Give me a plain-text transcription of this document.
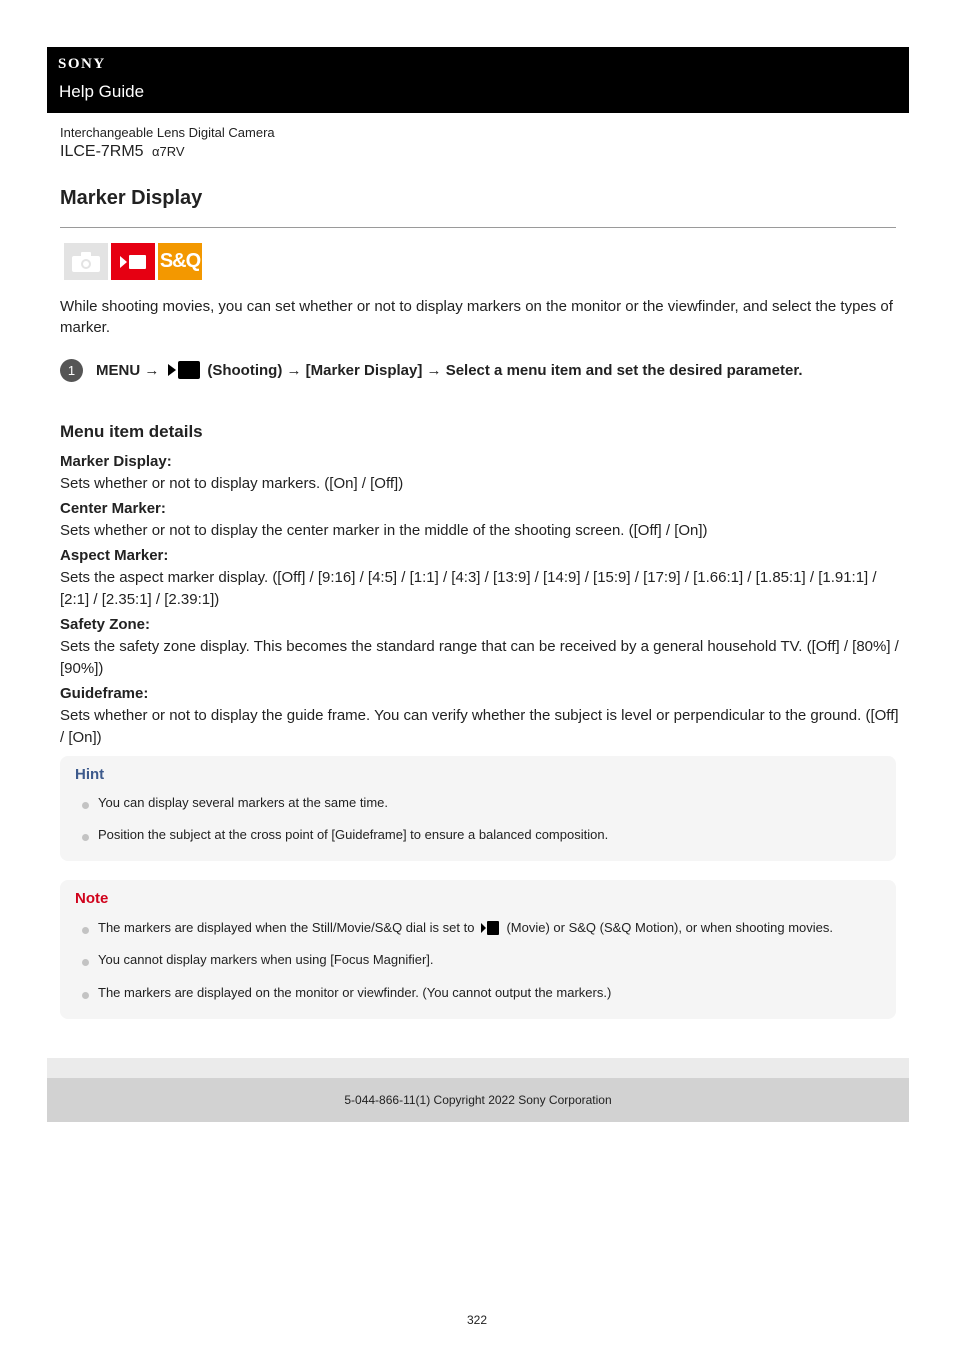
SONY
Help Guide
Interchangeable Lens Digital Camera
ILCE-7RM5 α7RV
Marker Display
S&Q

While shooting movies, you can set whether or not to display markers on the monitor or the viewfinder, and select the types of marker.

1	MENU →	(Shooting) → [Marker Display] → Select a menu item and set the desired parameter.
Menu item details
Marker Display:
Sets whether or not to display markers. ([On] / [Off])
Center Marker:
Sets whether or not to display the center marker in the middle of the shooting screen. ([Off] / [On])
Aspect Marker:
Sets the aspect marker display. ([Off] / [9:16] / [4:5] / [1:1] / [4:3] / [13:9] / [14:9] / [15:9] / [17:9] / [1.66:1] / [1.85:1] / [1.91:1] / [2:1] / [2.35:1] / [2.39:1])
Safety Zone:
Sets the safety zone display. This becomes the standard range that can be received by a general household TV. ([Off] / [80%] / [90%])
Guideframe:
Sets whether or not to display the guide frame. You can verify whether the subject is level or perpendicular to the ground. ([Off] / [On])
Hint
You can display several markers at the same time.
Position the subject at the cross point of [Guideframe] to ensure a balanced composition.
Note
The markers are displayed when the Still/Movie/S&Q dial is set to (Movie) or S&Q (S&Q Motion), or when shooting movies.
You cannot display markers when using [Focus Magnifier].
The markers are displayed on the monitor or viewfinder. (You cannot output the markers.)
5-044-866-11(1) Copyright 2022 Sony Corporation
322
